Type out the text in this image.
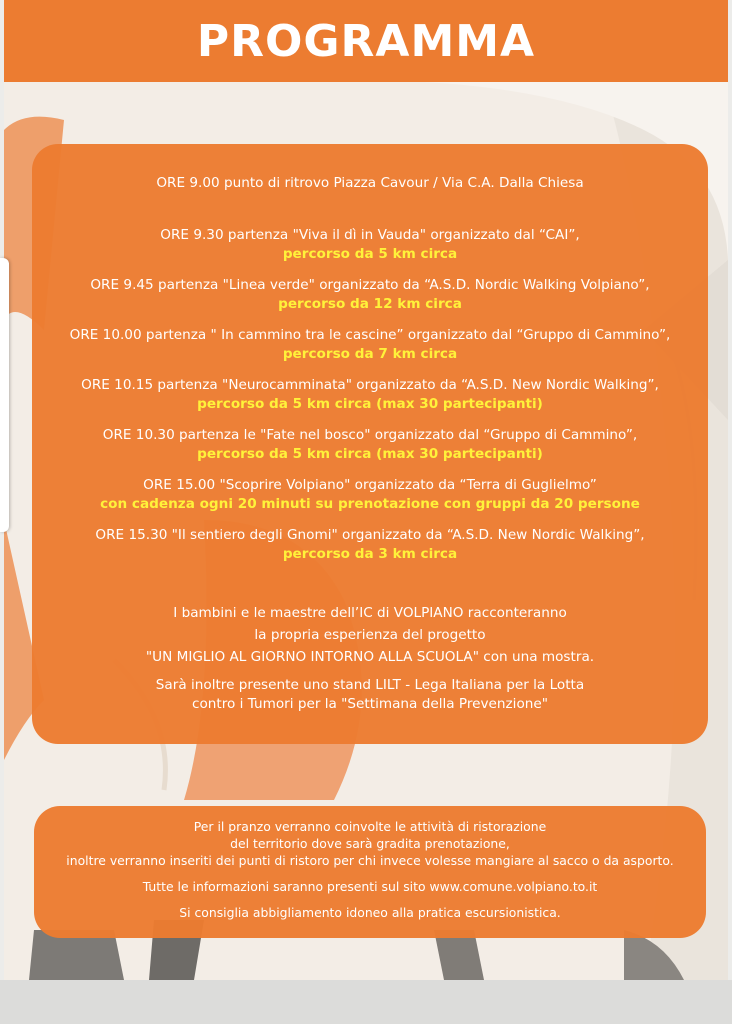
PROGRAMMA
ORE 9.00 punto di ritrovo Piazza Cavour / Via C.A. Dalla Chiesa
ORE 9.30 partenza "Viva il dì in Vauda" organizzato dal “CAI”,
percorso da 5 km circa
ORE 9.45 partenza "Linea verde" organizzato da “A.S.D. Nordic Walking Volpiano”,
percorso da 12 km circa
ORE 10.00 partenza " In cammino tra le cascine” organizzato dal “Gruppo di Cammino”,
percorso da 7 km circa
ORE 10.15 partenza "Neurocamminata" organizzato da “A.S.D. New Nordic Walking”,
percorso da 5 km circa (max 30 partecipanti)
ORE 10.30 partenza le "Fate nel bosco" organizzato dal “Gruppo di Cammino”,
percorso da 5 km circa (max 30 partecipanti)
ORE 15.00 "Scoprire Volpiano" organizzato da “Terra di Guglielmo”
con cadenza ogni 20 minuti su prenotazione con gruppi da 20 persone
ORE 15.30 "Il sentiero degli Gnomi" organizzato da “A.S.D. New Nordic Walking”,
percorso da 3 km circa
I bambini e le maestre dell’IC di VOLPIANO racconteranno
la propria esperienza del progetto
"UN MIGLIO AL GIORNO INTORNO ALLA SCUOLA" con una mostra.
Sarà inoltre presente uno stand LILT - Lega Italiana per la Lotta
contro i Tumori per la "Settimana della Prevenzione"
Per il pranzo verranno coinvolte le attività di ristorazione
del territorio dove sarà gradita prenotazione,
inoltre verranno inseriti dei punti di ristoro per chi invece volesse mangiare al sacco o da asporto.
Tutte le informazioni saranno presenti sul sito www.comune.volpiano.to.it
Si consiglia abbigliamento idoneo alla pratica escursionistica.
